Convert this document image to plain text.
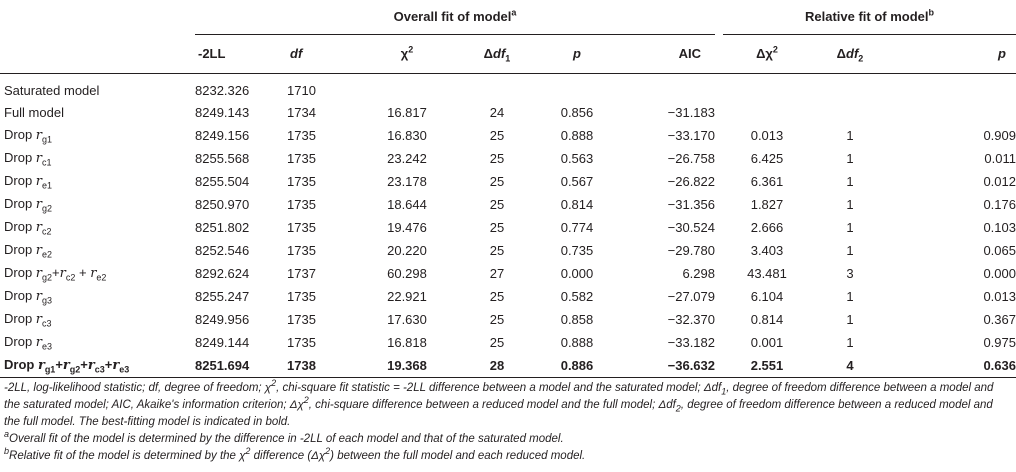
	Overall fit of model$^a$							Relative fit of model$^b$
	-2LL	df	χ$^2$	Δdf$_1$	p	AIC		Δχ$^2$	Δdf$_2$	p
Saturated model	8232.326	1710								
Full model	8249.143	1734	16.817	24	0.856	−31.183				
Drop $r_{g1}$	8249.156	1735	16.830	25	0.888	−33.170		0.013	1	0.909
Drop $r_{c1}$	8255.568	1735	23.242	25	0.563	−26.758		6.425	1	0.011
Drop $r_{e1}$	8255.504	1735	23.178	25	0.567	−26.822		6.361	1	0.012
Drop $r_{g2}$	8250.970	1735	18.644	25	0.814	−31.356		1.827	1	0.176
Drop $r_{c2}$	8251.802	1735	19.476	25	0.774	−30.524		2.666	1	0.103
Drop $r_{e2}$	8252.546	1735	20.220	25	0.735	−29.780		3.403	1	0.065
Drop $r_{g2}+r_{c2} + r_{e2}$	8292.624	1737	60.298	27	0.000	6.298		43.481	3	0.000
Drop $r_{g3}$	8255.247	1735	22.921	25	0.582	−27.079		6.104	1	0.013
Drop $r_{c3}$	8249.956	1735	17.630	25	0.858	−32.370		0.814	1	0.367
Drop $r_{e3}$	8249.144	1735	16.818	25	0.888	−33.182		0.001	1	0.975
Drop $r_{g1}+r_{g2}+r_{c3}+r_{e3}$	8251.694	1738	19.368	28	0.886	−36.632		2.551	4	0.636

-2LL, log-likelihood statistic; df, degree of freedom; χ$^2$, chi-square fit statistic = -2LL difference between a model and the saturated model; Δdf$_1$, degree of freedom difference between a model and the saturated model; AIC, Akaike's information criterion; Δχ$^2$, chi-square difference between a reduced model and the full model; Δdf$_2$, degree of freedom difference between a reduced model and the full model. The best-fitting model is indicated in bold.

$^a$Overall fit of the model is determined by the difference in -2LL of each model and that of the saturated model.

$^b$Relative fit of the model is determined by the χ$^2$ difference (Δχ$^2$) between the full model and each reduced model.
